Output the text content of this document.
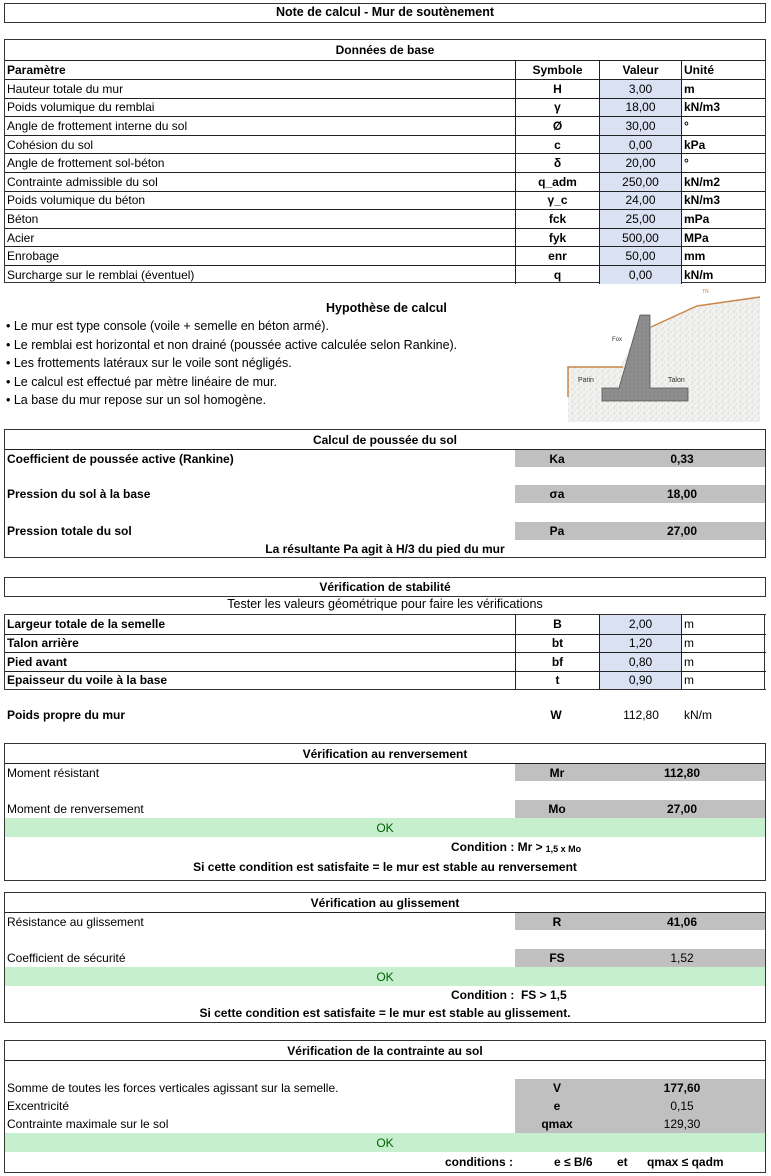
Note de calcul - Mur de soutènement
Données de base
Paramètre	Symbole	Valeur	Unité
Hauteur totale du mur	H	3,00	m
Poids volumique du remblai	γ	18,00	kN/m3
Angle de frottement interne du sol	Ø	30,00	°
Cohésion du sol	c	0,00	kPa
Angle de frottement sol-béton	δ	20,00	°
Contrainte admissible du sol	q_adm	250,00	kN/m2
Poids volumique du béton	γ_c	24,00	kN/m3
Béton	fck	25,00	mPa
Acier	fyk	500,00	MPa
Enrobage	enr	50,00	mm
Surcharge sur le remblai (éventuel)	q	0,00	kN/m
Hypothèse de calcul
• Le mur est type console (voile + semelle en béton armé).
• Le remblai est horizontal et non drainé (poussée active calculée selon Rankine).
• Les frottements latéraux sur le voile sont négligés.
• Le calcul est effectué par mètre linéaire de mur.
• La base du mur repose sur un sol homogène.
TN
Fox
Patin	Talon
Calcul de poussée du sol
Coefficient de poussée active (Rankine)	Ka	0,33
Pression du sol à la base	σa	18,00
Pression totale du sol	Pa	27,00
La résultante Pa agit à H/3 du pied du mur
Vérification de stabilité
Tester les valeurs géométrique pour faire les vérifications
Largeur totale de la semelle	B	2,00	m
Talon arrière	bt	1,20	m
Pied avant	bf	0,80	m
Epaisseur du voile à la base	t	0,90	m
Poids propre du mur	W	112,80	kN/m
Vérification au renversement
Moment résistant	Mr	112,80
Moment de renversement	Mo	27,00
OK
Condition : Mr > 1,5 x Mo
Si cette condition est satisfaite = le mur est stable au renversement
Vérification au glissement
Résistance au glissement	R	41,06
Coefficient de sécurité	FS	1,52
OK
Condition :  FS > 1,5
Si cette condition est satisfaite = le mur est stable au glissement.
Vérification de la contrainte au sol
Somme de toutes les forces verticales agissant sur la semelle.	V	177,60
Excentricité	e	0,15
Contrainte maximale sur le sol	qmax	129,30
OK
conditions :	e ≤ B/6 et qmax ≤ qadm
